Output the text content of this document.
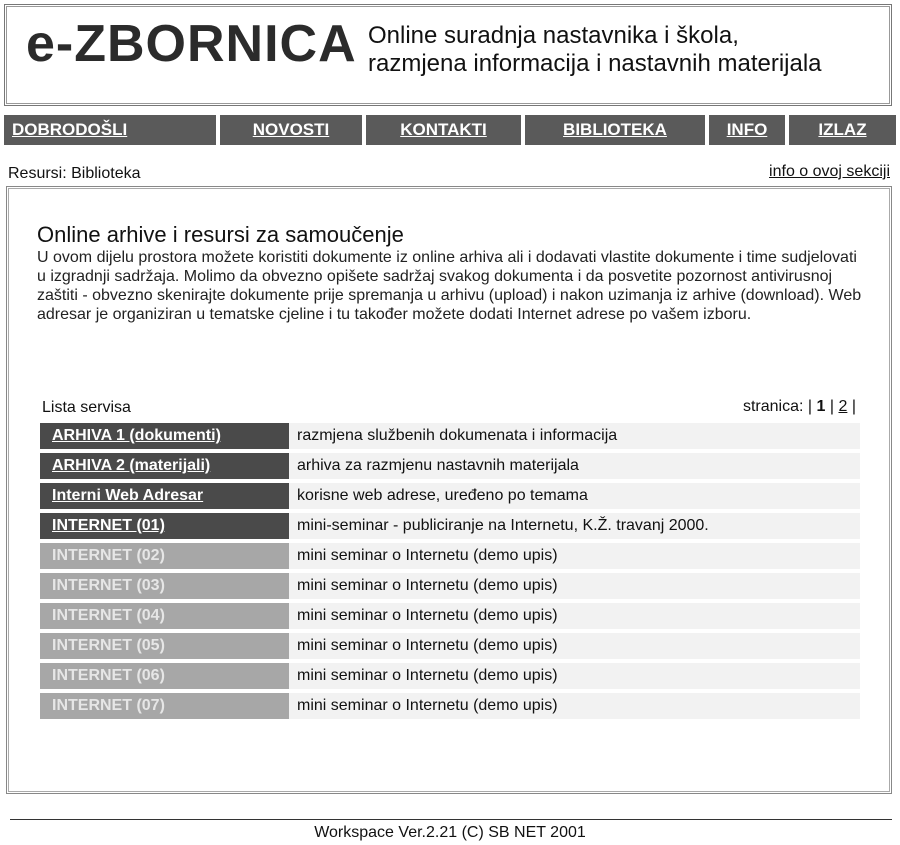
e-ZBORNICA Online suradnja nastavnika i škola,
razmjena informacija i nastavnih materijala
DOBRODOŠLI	NOVOSTI	KONTAKTI	BIBLIOTEKA	INFO	IZLAZ
Resursi: Biblioteka	info o ovoj sekciji
Online arhive i resursi za samoučenje
U ovom dijelu prostora možete koristiti dokumente iz online arhiva ali i dodavati vlastite dokumente i time sudjelovati u izgradnji sadržaja. Molimo da obvezno opišete sadržaj svakog dokumenta i da posvetite pozornost antivirusnoj zaštiti - obvezno skenirajte dokumente prije spremanja u arhivu (upload) i nakon uzimanja iz arhive (download). Web adresar je organiziran u tematske cjeline i tu također možete dodati Internet adrese po vašem izboru.
Lista servisa	stranica: | 1 | 2 |
ARHIVA 1 (dokumenti)	razmjena službenih dokumenata i informacija
ARHIVA 2 (materijali)	arhiva za razmjenu nastavnih materijala
Interni Web Adresar	korisne web adrese, uređeno po temama
INTERNET (01)	mini-seminar - publiciranje na Internetu, K.Ž. travanj 2000.
INTERNET (02)	mini seminar o Internetu (demo upis)
INTERNET (03)	mini seminar o Internetu (demo upis)
INTERNET (04)	mini seminar o Internetu (demo upis)
INTERNET (05)	mini seminar o Internetu (demo upis)
INTERNET (06)	mini seminar o Internetu (demo upis)
INTERNET (07)	mini seminar o Internetu (demo upis)
Workspace Ver.2.21 (C) SB NET 2001
